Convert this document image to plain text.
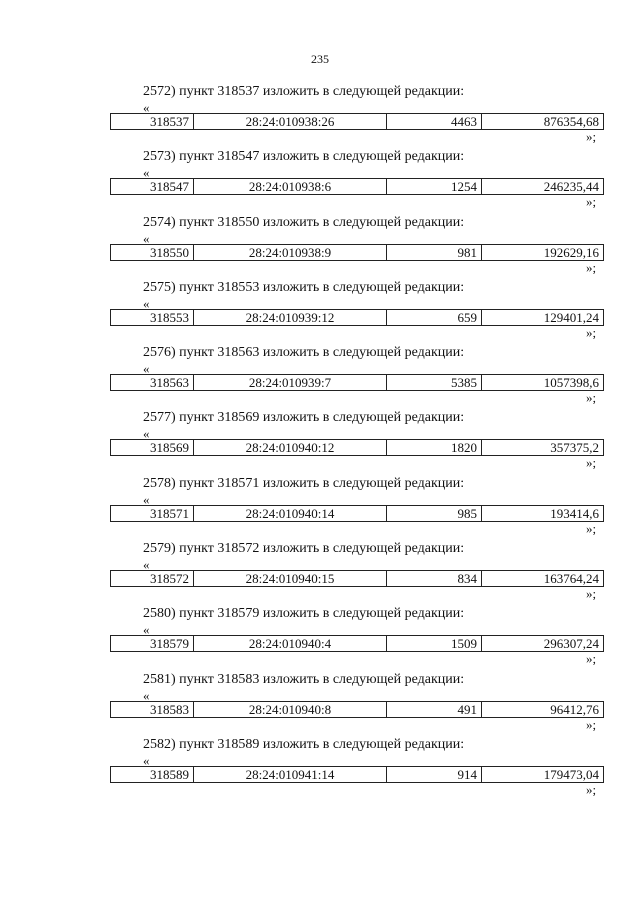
235
2572) пункт 318537 изложить в следующей редакции:
«
318537	28:24:010938:26	4463	876354,68
»;
2573) пункт 318547 изложить в следующей редакции:
«
318547	28:24:010938:6	1254	246235,44
»;
2574) пункт 318550 изложить в следующей редакции:
«
318550	28:24:010938:9	981	192629,16
»;
2575) пункт 318553 изложить в следующей редакции:
«
318553	28:24:010939:12	659	129401,24
»;
2576) пункт 318563 изложить в следующей редакции:
«
318563	28:24:010939:7	5385	1057398,6
»;
2577) пункт 318569 изложить в следующей редакции:
«
318569	28:24:010940:12	1820	357375,2
»;
2578) пункт 318571 изложить в следующей редакции:
«
318571	28:24:010940:14	985	193414,6
»;
2579) пункт 318572 изложить в следующей редакции:
«
318572	28:24:010940:15	834	163764,24
»;
2580) пункт 318579 изложить в следующей редакции:
«
318579	28:24:010940:4	1509	296307,24
»;
2581) пункт 318583 изложить в следующей редакции:
«
318583	28:24:010940:8	491	96412,76
»;
2582) пункт 318589 изложить в следующей редакции:
«
318589	28:24:010941:14	914	179473,04
»;
